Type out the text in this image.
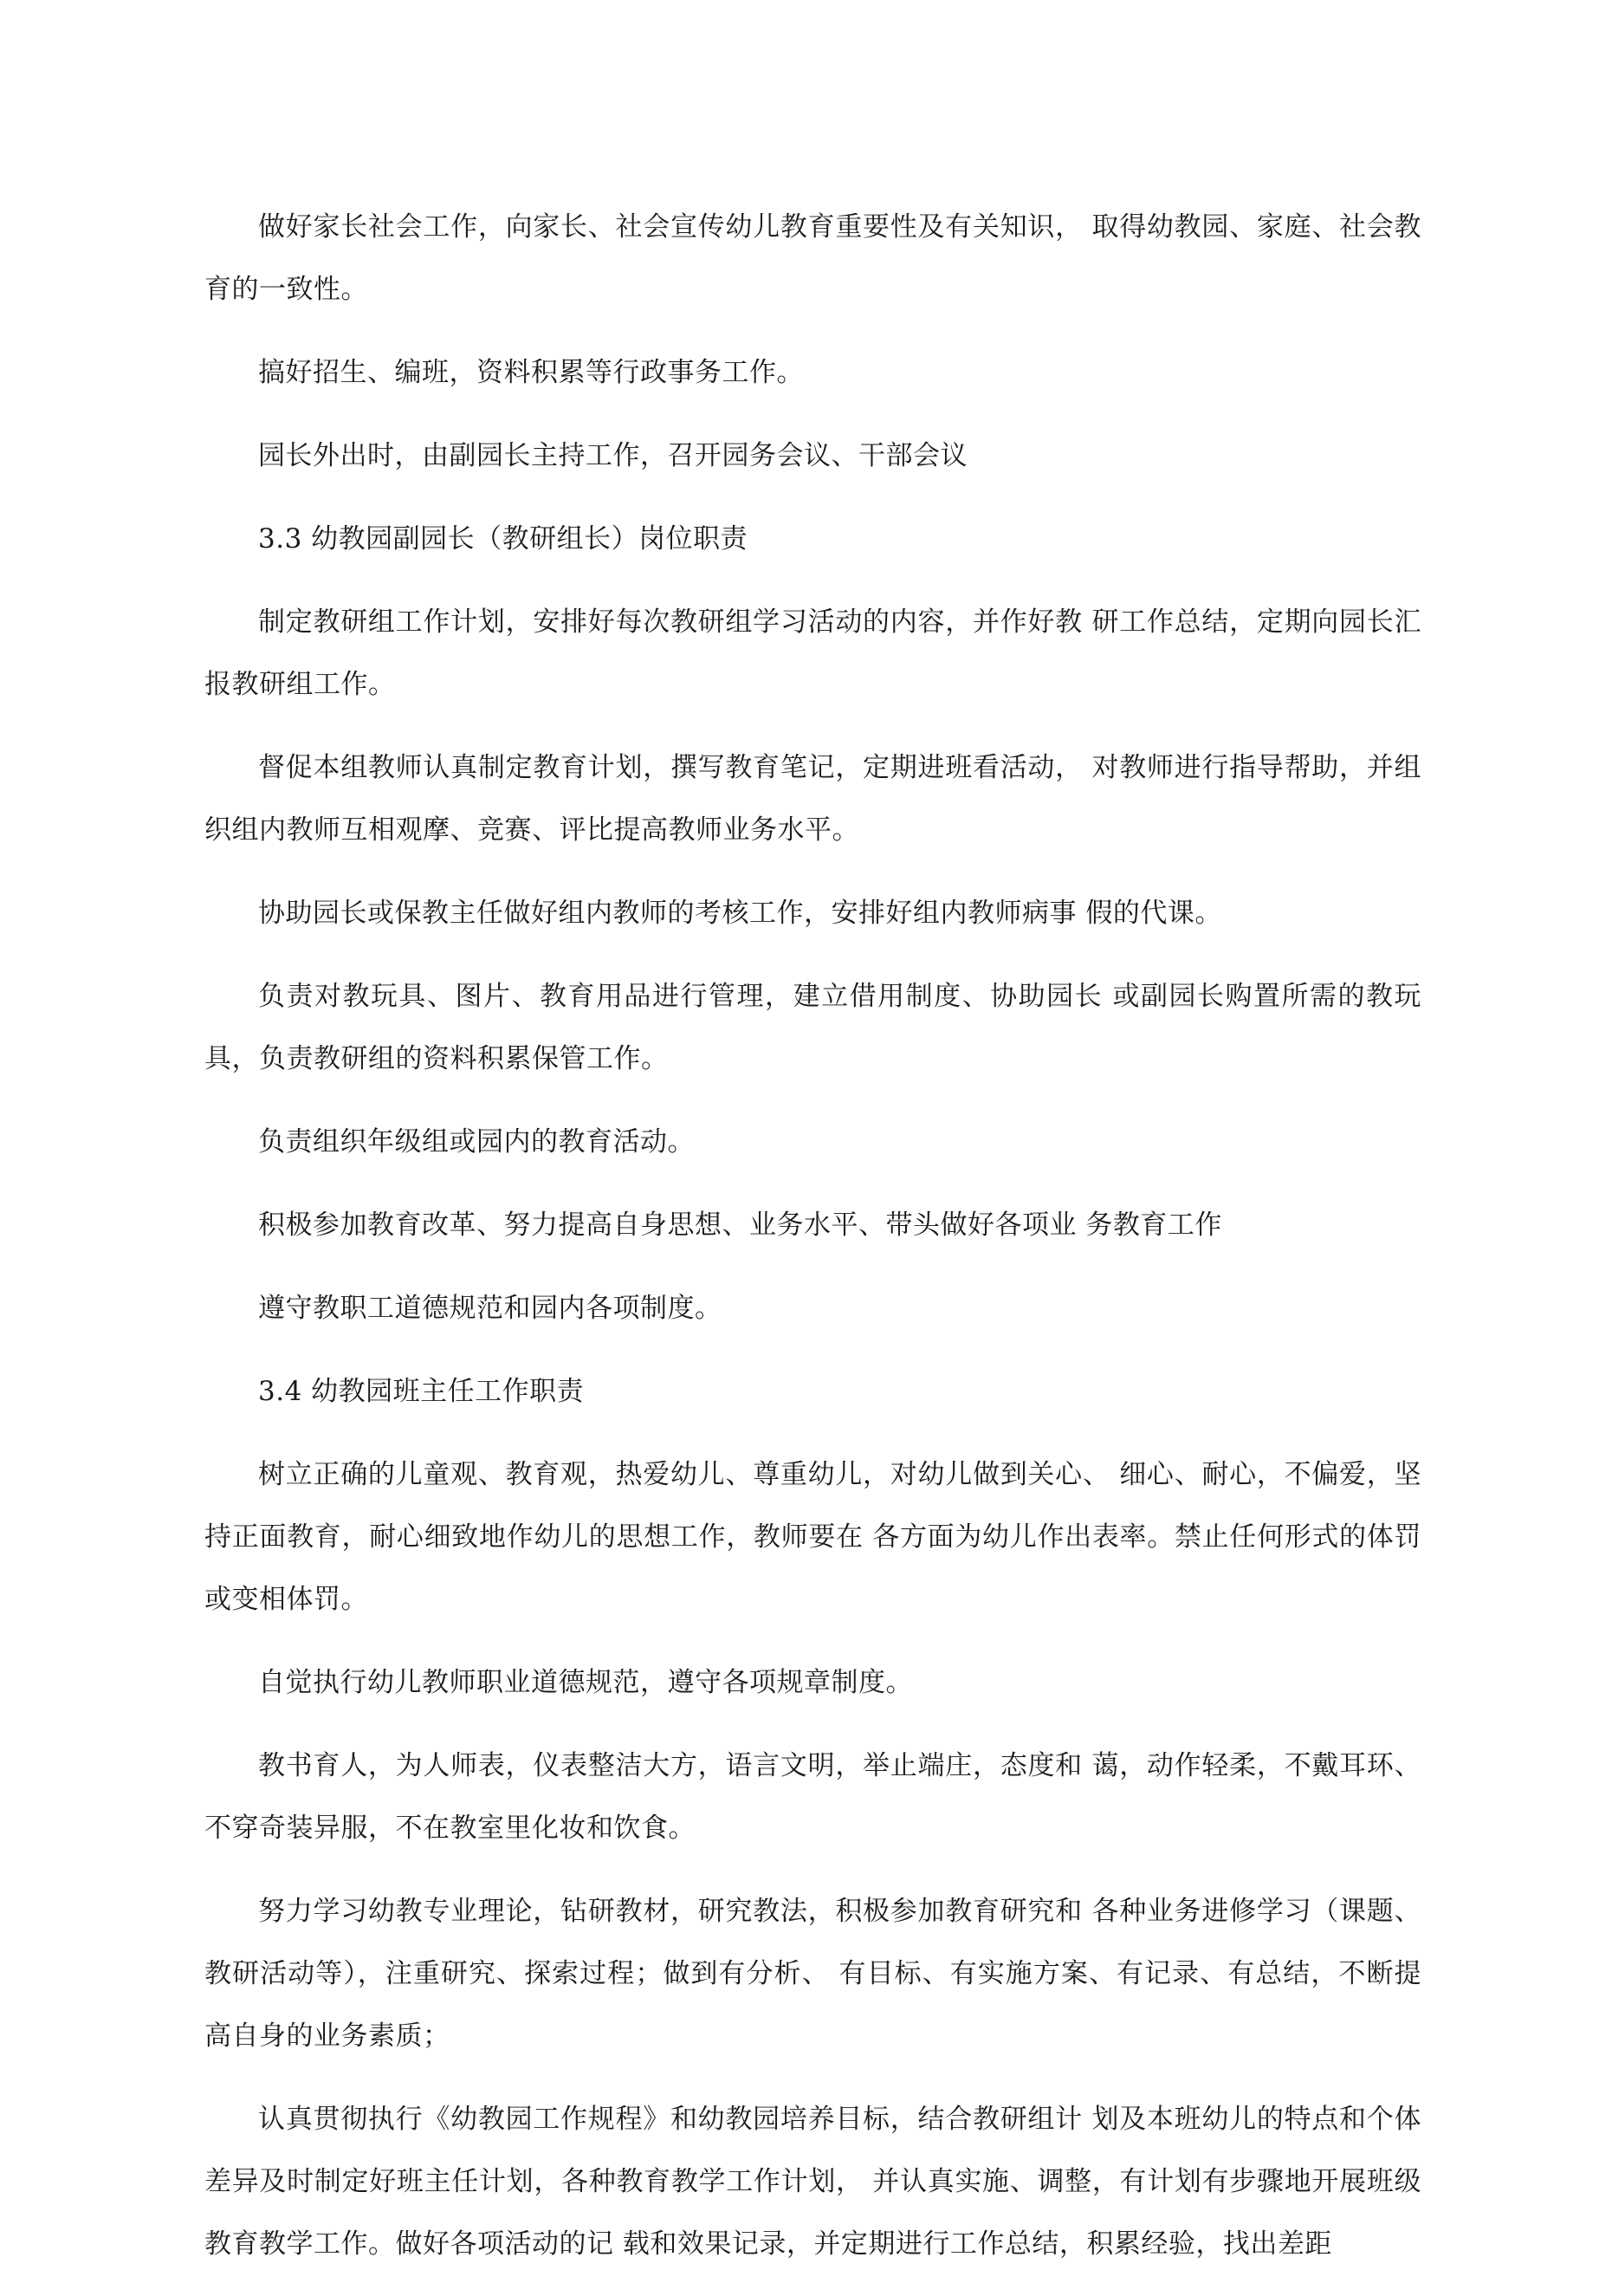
做好家长社会工作，向家长、社会宣传幼儿教育重要性及有关知识， 取得幼教园、家庭、社会教育的一致性。

搞好招生、编班，资料积累等行政事务工作。

园长外出时，由副园长主持工作，召开园务会议、干部会议

3.3 幼教园副园长（教研组长）岗位职责

制定教研组工作计划，安排好每次教研组学习活动的内容，并作好教 研工作总结，定期向园长汇报教研组工作。

督促本组教师认真制定教育计划，撰写教育笔记，定期进班看活动， 对教师进行指导帮助，并组织组内教师互相观摩、竞赛、评比提高教师业务水平。

协助园长或保教主任做好组内教师的考核工作，安排好组内教师病事 假的代课。

负责对教玩具、图片、教育用品进行管理，建立借用制度、协助园长 或副园长购置所需的教玩具，负责教研组的资料积累保管工作。

负责组织年级组或园内的教育活动。

积极参加教育改革、努力提高自身思想、业务水平、带头做好各项业 务教育工作

遵守教职工道德规范和园内各项制度。

3.4 幼教园班主任工作职责

树立正确的儿童观、教育观，热爱幼儿、尊重幼儿，对幼儿做到关心、 细心、耐心，不偏爱，坚持正面教育，耐心细致地作幼儿的思想工作，教师要在 各方面为幼儿作出表率。禁止任何形式的体罚或变相体罚。

自觉执行幼儿教师职业道德规范，遵守各项规章制度。

教书育人，为人师表，仪表整洁大方，语言文明，举止端庄，态度和 蔼，动作轻柔，不戴耳环、不穿奇装异服，不在教室里化妆和饮食。

努力学习幼教专业理论，钻研教材，研究教法，积极参加教育研究和 各种业务进修学习（课题、教研活动等），注重研究、探索过程；做到有分析、 有目标、有实施方案、有记录、有总结，不断提高自身的业务素质；

认真贯彻执行《幼教园工作规程》和幼教园培养目标，结合教研组计 划及本班幼儿的特点和个体差异及时制定好班主任计划，各种教育教学工作计划， 并认真实施、调整，有计划有步骤地开展班级教育教学工作。做好各项活动的记 载和效果记录，并定期进行工作总结，积累经验，找出差距
